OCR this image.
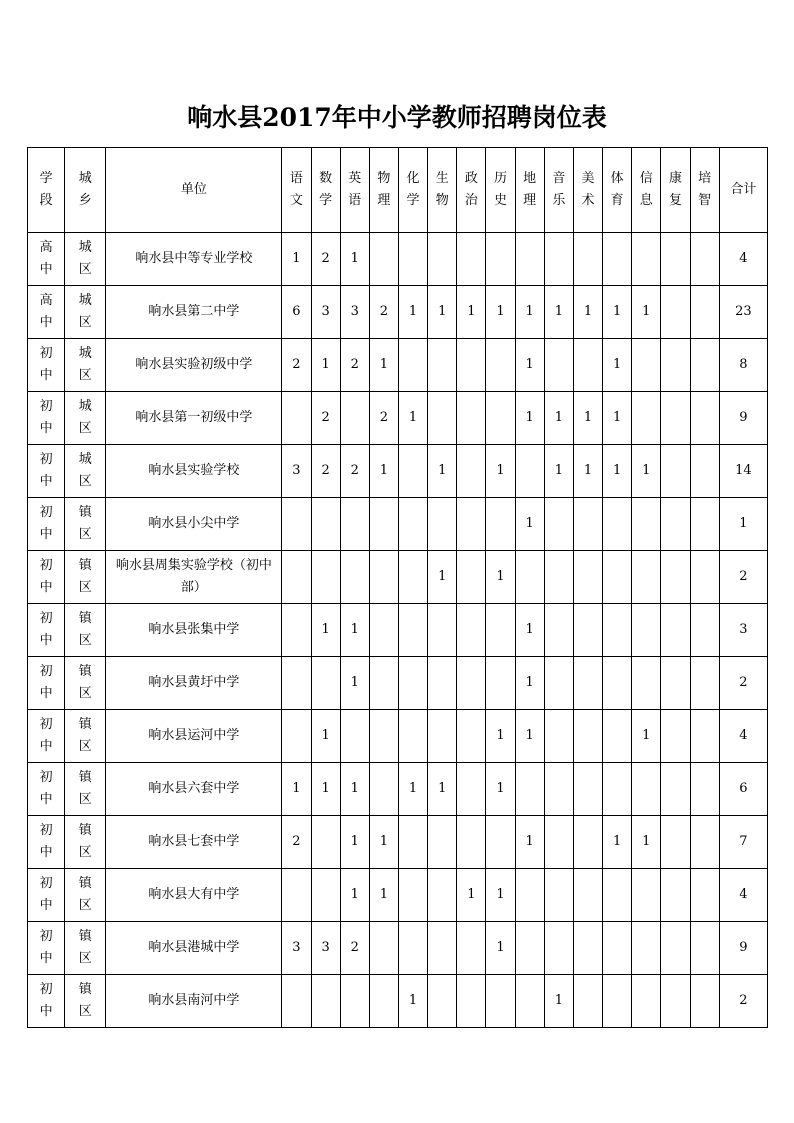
响水县2017年中小学教师招聘岗位表
学段	城乡	单位	语文	数学	英语	物理	化学	生物	政治	历史	地理	音乐	美术	体育	信息	康复	培智	合计
高中	城区	响水县中等专业学校	1	2	1													4
高中	城区	响水县第二中学	6	3	3	2	1	1	1	1	1	1	1	1	1			23
初中	城区	响水县实验初级中学	2	1	2	1					1			1				8
初中	城区	响水县第一初级中学		2		2	1				1	1	1	1				9
初中	城区	响水县实验学校	3	2	2	1		1		1		1	1	1	1			14
初中	镇区	响水县小尖中学									1							1
初中	镇区	响水县周集实验学校（初中部）						1		1								2
初中	镇区	响水县张集中学		1	1						1							3
初中	镇区	响水县黄圩中学			1						1							2
初中	镇区	响水县运河中学		1						1	1				1			4
初中	镇区	响水县六套中学	1	1	1		1	1		1								6
初中	镇区	响水县七套中学	2		1	1					1			1	1			7
初中	镇区	响水县大有中学			1	1			1	1								4
初中	镇区	响水县港城中学	3	3	2					1								9
初中	镇区	响水县南河中学					1					1						2
